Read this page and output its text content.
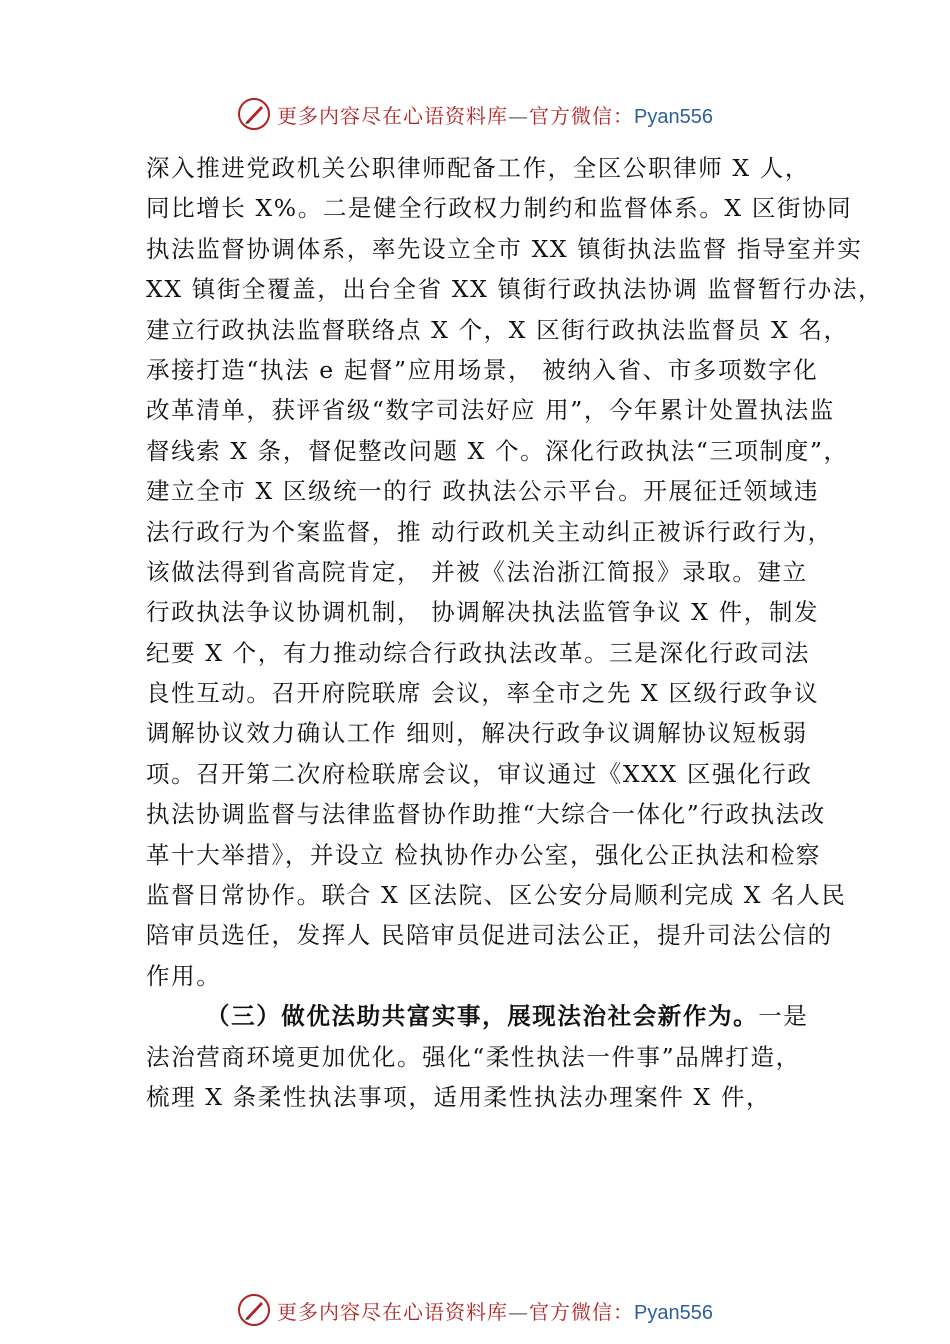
更多内容尽在心语资料库—官方微信：Pyan556
深入推进党政机关公职律师配备工作，全区公职律师 X 人，
同比增长 X%。二是健全行政权力制约和监督体系。X 区街协同
执法监督协调体系，率先设立全市 XX 镇街执法监督 指导室并实
XX 镇街全覆盖，出台全省 XX 镇街行政执法协调 监督暂行办法，
建立行政执法监督联络点 X 个，X 区街行政执法监督员 X 名，
承接打造“执法 e 起督”应用场景， 被纳入省、市多项数字化
改革清单，获评省级“数字司法好应 用”，今年累计处置执法监
督线索 X 条，督促整改问题 X 个。深化行政执法“三项制度”，
建立全市 X 区级统一的行 政执法公示平台。开展征迁领域违
法行政行为个案监督，推 动行政机关主动纠正被诉行政行为，
该做法得到省高院肯定， 并被《法治浙江简报》录取。建立
行政执法争议协调机制， 协调解决执法监管争议 X 件，制发
纪要 X 个，有力推动综合行政执法改革。三是深化行政司法
良性互动。召开府院联席 会议，率全市之先 X 区级行政争议
调解协议效力确认工作 细则，解决行政争议调解协议短板弱
项。召开第二次府检联席会议，审议通过《XXX 区强化行政
执法协调监督与法律监督协作助推“大综合一体化”行政执法改
革十大举措》，并设立 检执协作办公室，强化公正执法和检察
监督日常协作。联合 X 区法院、区公安分局顺利完成 X 名人民
陪审员选任，发挥人 民陪审员促进司法公正，提升司法公信的
作用。
（三）做优法助共富实事，展现法治社会新作为。一是
法治营商环境更加优化。强化“柔性执法一件事”品牌打造，
梳理 X 条柔性执法事项，适用柔性执法办理案件 X 件，
更多内容尽在心语资料库—官方微信：Pyan556
